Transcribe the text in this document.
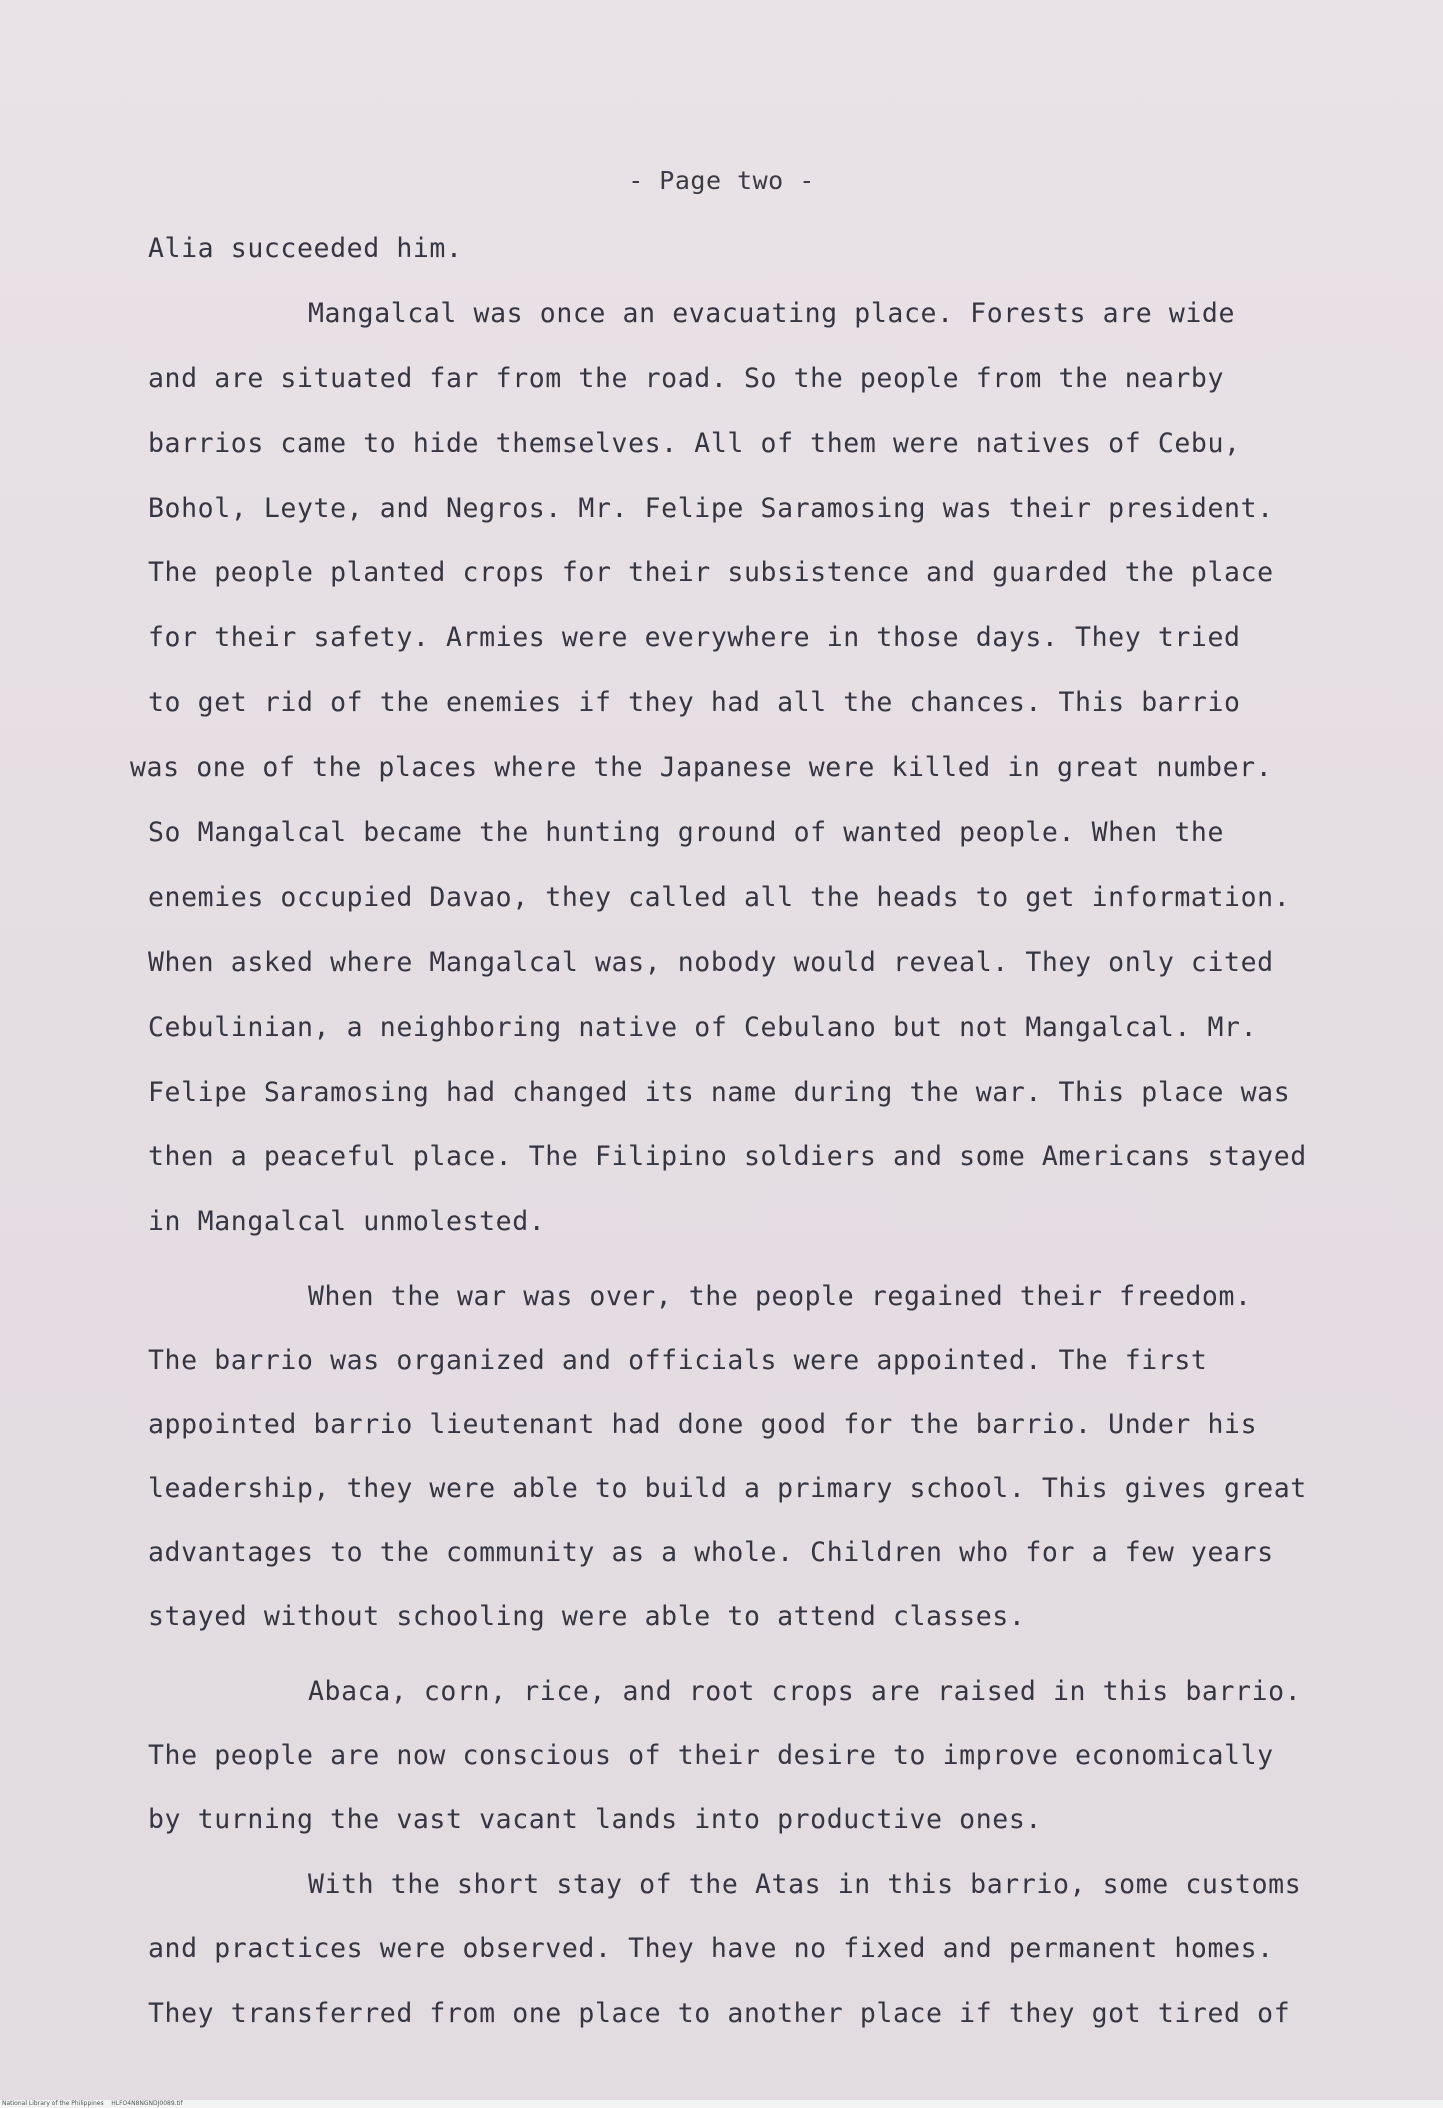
- Page two -
Alia succeeded him.
Mangalcal was once an evacuating place. Forests are wide
and are situated far from the road. So the people from the nearby
barrios came to hide themselves. All of them were natives of Cebu,
Bohol, Leyte, and Negros. Mr. Felipe Saramosing was their president.
The people planted crops for their subsistence and guarded the place
for their safety. Armies were everywhere in those days. They tried
to get rid of the enemies if they had all the chances. This barrio
was one of the places where the Japanese were killed in great number.
So Mangalcal became the hunting ground of wanted people. When the
enemies occupied Davao, they called all the heads to get information.
When asked where Mangalcal was, nobody would reveal. They only cited
Cebulinian, a neighboring native of Cebulano but not Mangalcal. Mr.
Felipe Saramosing had changed its name during the war. This place was
then a peaceful place. The Filipino soldiers and some Americans stayed
in Mangalcal unmolested.
When the war was over, the people regained their freedom.
The barrio was organized and officials were appointed. The first
appointed barrio lieutenant had done good for the barrio. Under his
leadership, they were able to build a primary school. This gives great
advantages to the community as a whole. Children who for a few years
stayed without schooling were able to attend classes.
Abaca, corn, rice, and root crops are raised in this barrio.
The people are now conscious of their desire to improve economically
by turning the vast vacant lands into productive ones.
With the short stay of the Atas in this barrio, some customs
and practices were observed. They have no fixed and permanent homes.
They transferred from one place to another place if they got tired of
National Library of the Philippines HLFO4N8NGNDJ0089.tif
